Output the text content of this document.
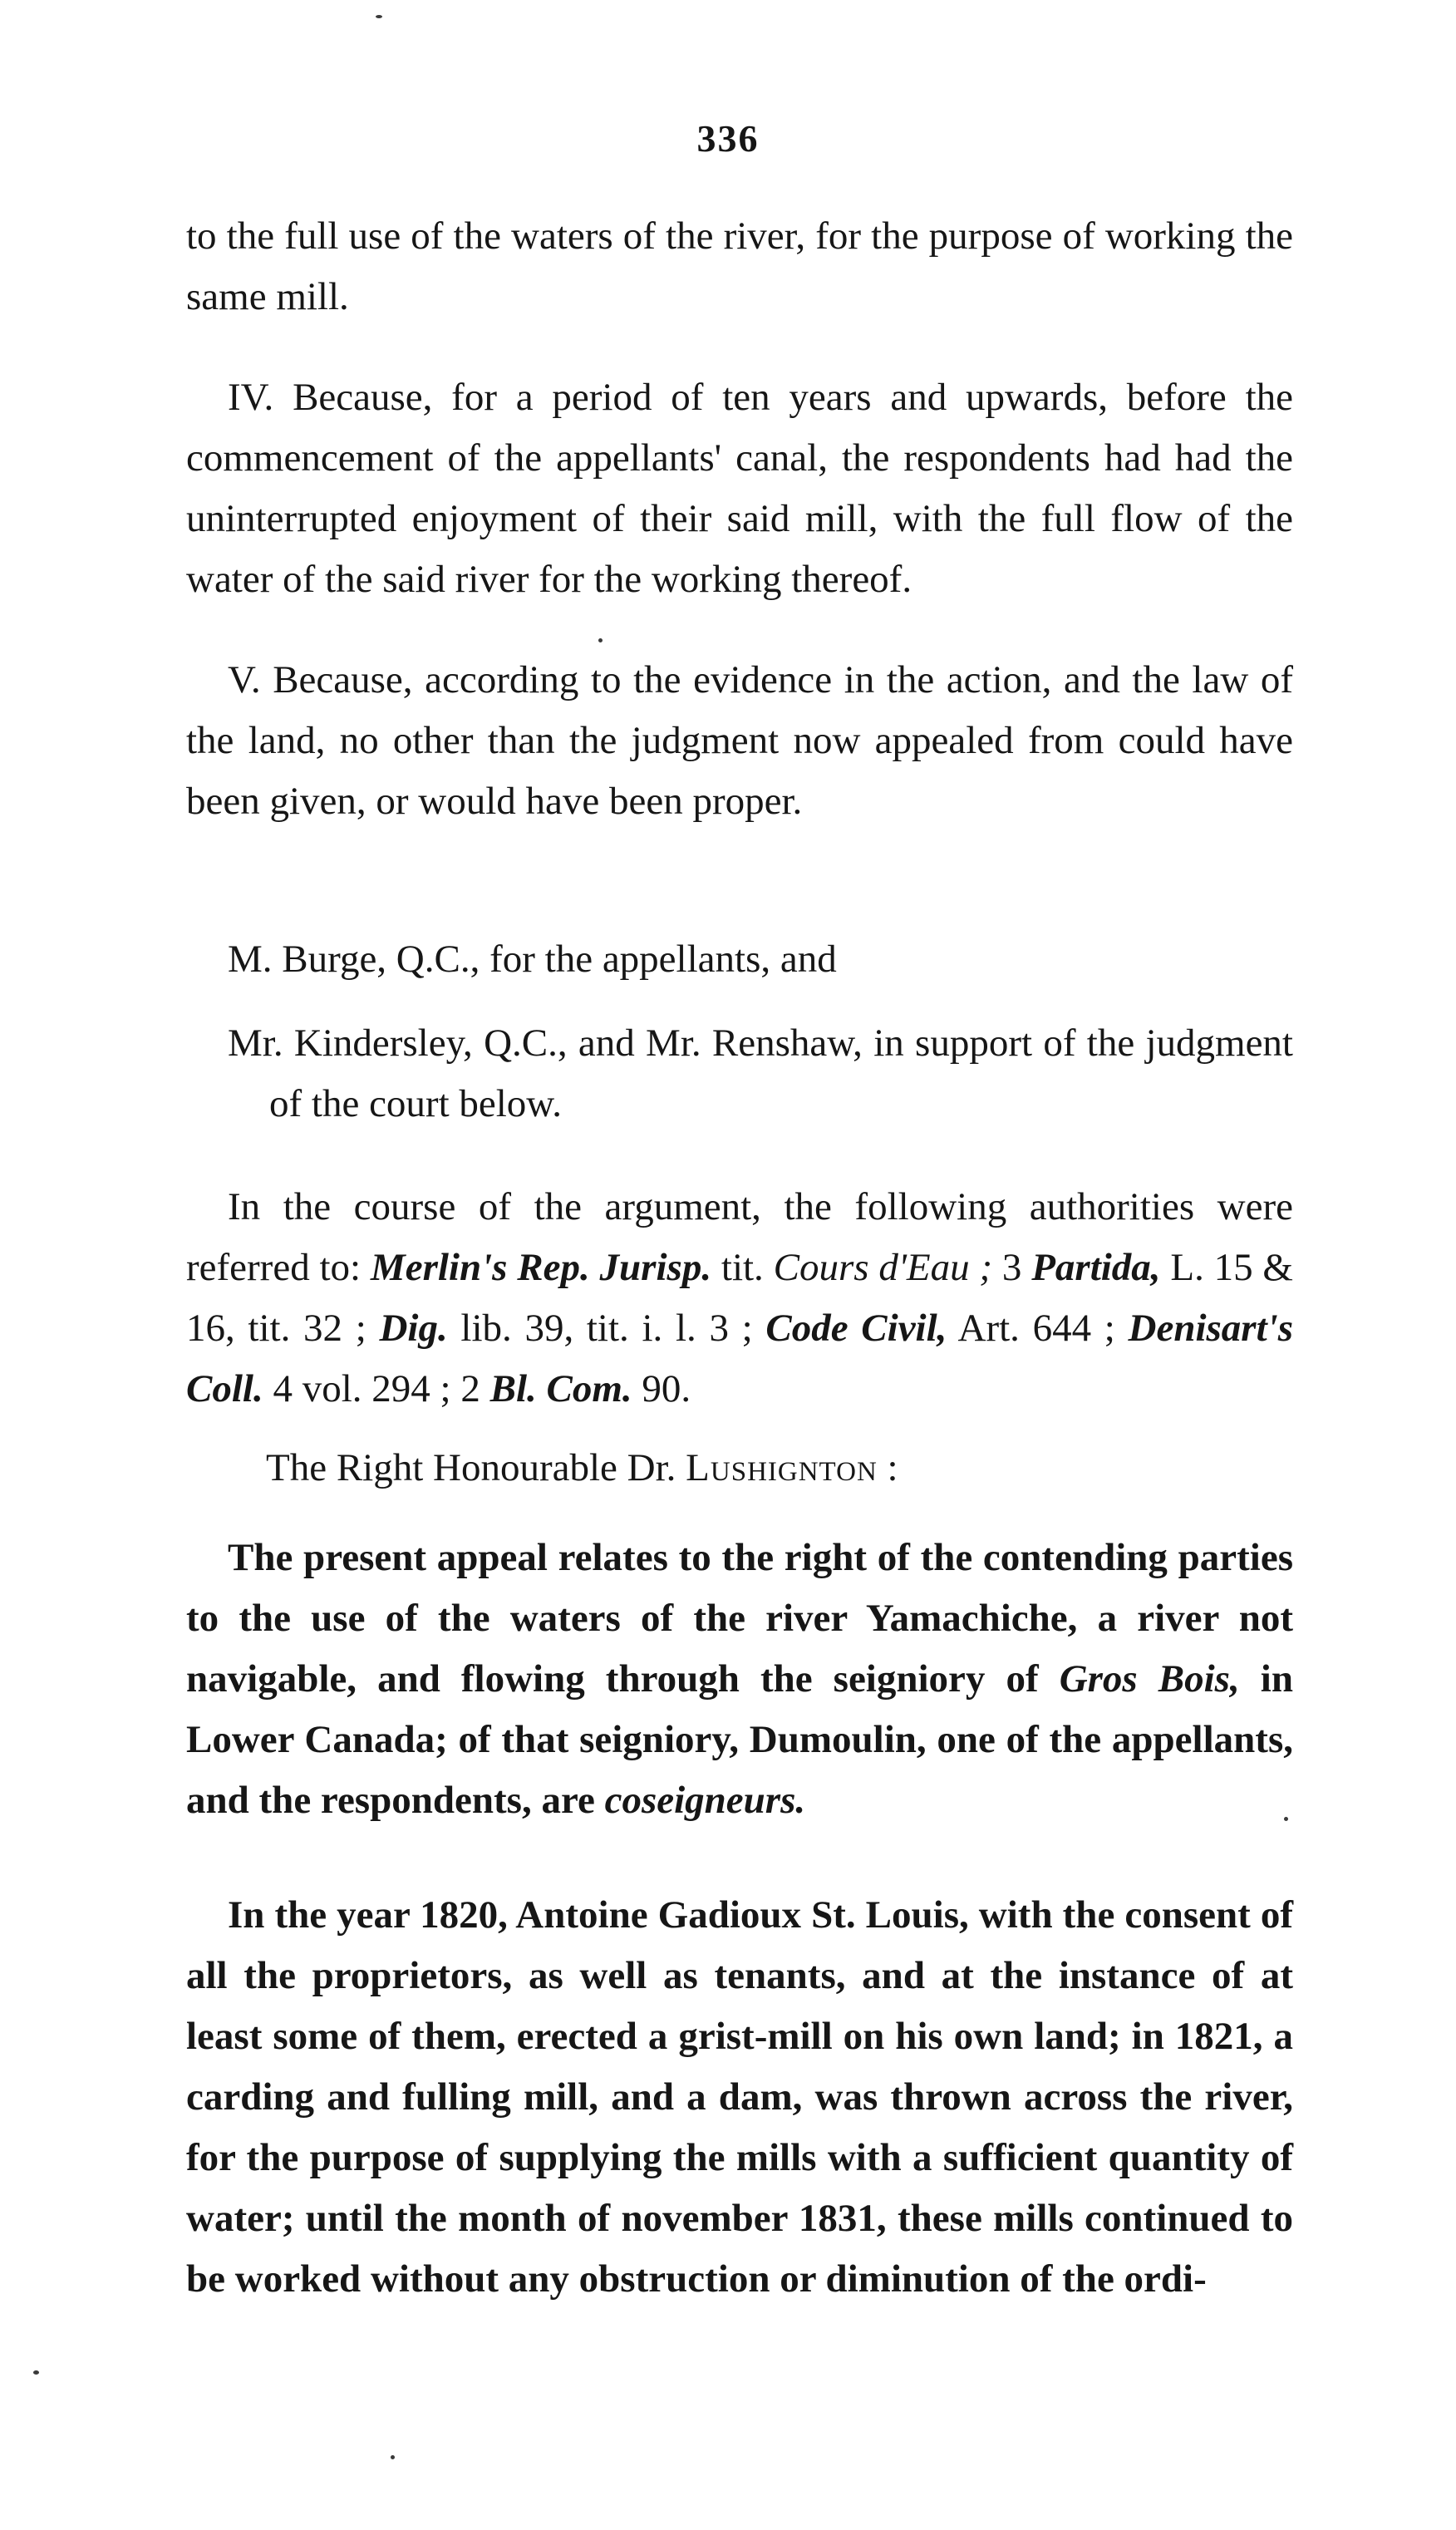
336

to the full use of the waters of the river, for the purpose of working the same mill.

IV. Because, for a period of ten years and upwards, before the commencement of the appellants' canal, the respondents had had the uninterrupted enjoyment of their said mill, with the full flow of the water of the said river for the working thereof.

V. Because, according to the evidence in the action, and the law of the land, no other than the judgment now appealed from could have been given, or would have been proper.

M. Burge, Q.C., for the appellants, and

Mr. Kindersley, Q.C., and Mr. Renshaw, in support of the judgment of the court below.

In the course of the argument, the following authorities were referred to: Merlin's Rep. Jurisp. tit. Cours d'Eau ; 3 Partida, L. 15 & 16, tit. 32 ; Dig. lib. 39, tit. i. l. 3 ; Code Civil, Art. 644 ; Denisart's Coll. 4 vol. 294 ; 2 Bl. Com. 90.

The Right Honourable Dr. Lushignton :

The present appeal relates to the right of the contending parties to the use of the waters of the river Yamachiche, a river not navigable, and flowing through the seigniory of Gros Bois, in Lower Canada; of that seigniory, Dumoulin, one of the appellants, and the respondents, are coseigneurs.

In the year 1820, Antoine Gadioux St. Louis, with the consent of all the proprietors, as well as tenants, and at the instance of at least some of them, erected a grist-mill on his own land; in 1821, a carding and fulling mill, and a dam, was thrown across the river, for the purpose of supplying the mills with a sufficient quantity of water; until the month of november 1831, these mills continued to be worked without any obstruction or diminution of the ordi-
